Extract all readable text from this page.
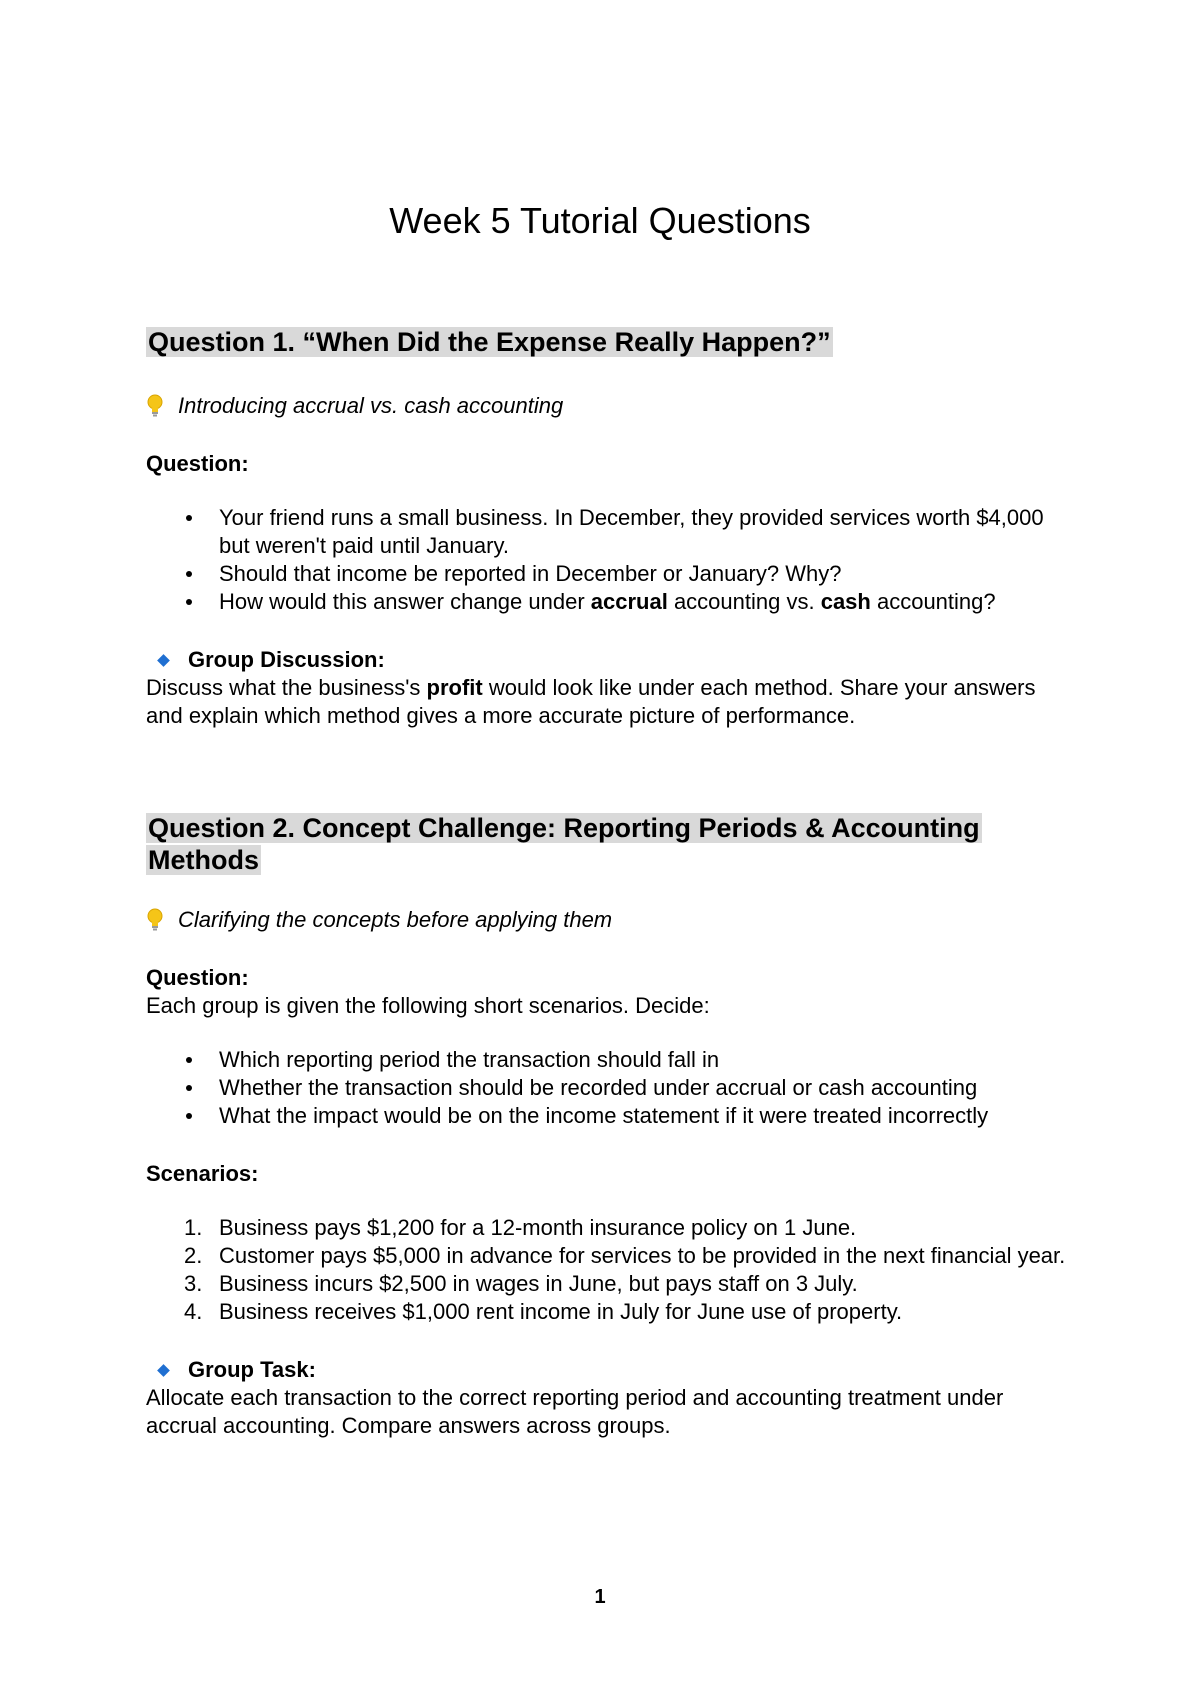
Week 5 Tutorial Questions
Question 1. “When Did the Expense Really Happen?”
Introducing accrual vs. cash accounting
Question:
Your friend runs a small business. In December, they provided services worth $4,000 but weren't paid until January.
Should that income be reported in December or January? Why?
How would this answer change under accrual accounting vs. cash accounting?
Group Discussion:

Discuss what the business's profit would look like under each method. Share your answers and explain which method gives a more accurate picture of performance.

Question 2. Concept Challenge: Reporting Periods & Accounting Methods
Clarifying the concepts before applying them
Question:

Each group is given the following short scenarios. Decide:

Which reporting period the transaction should fall in
Whether the transaction should be recorded under accrual or cash accounting
What the impact would be on the income statement if it were treated incorrectly
Scenarios:
1. Business pays $1,200 for a 12-month insurance policy on 1 June.
2. Customer pays $5,000 in advance for services to be provided in the next financial year.
3. Business incurs $2,500 in wages in June, but pays staff on 3 July.
4. Business receives $1,000 rent income in July for June use of property.
Group Task:

Allocate each transaction to the correct reporting period and accounting treatment under accrual accounting. Compare answers across groups.

1
